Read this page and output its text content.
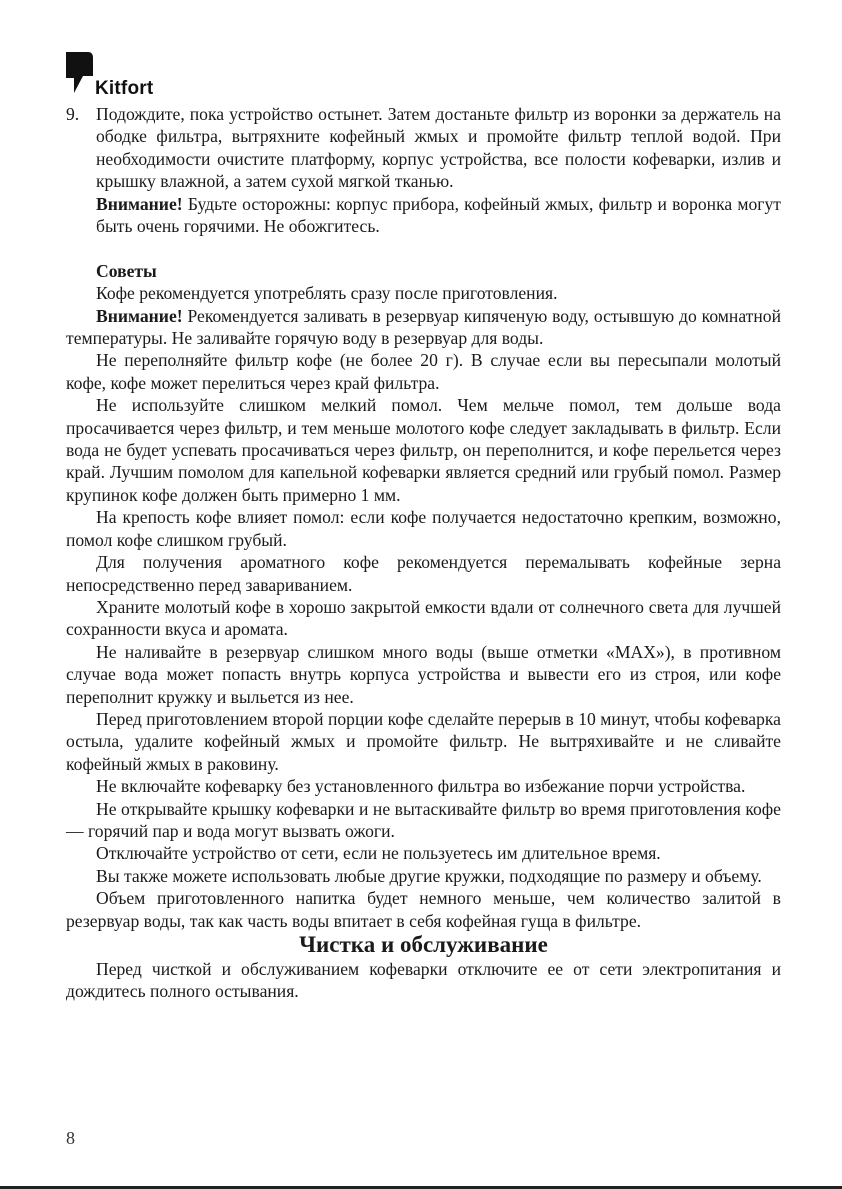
Kitfort
9. Подождите, пока устройство остынет. Затем достаньте фильтр из воронки за держатель на ободке фильтра, вытряхните кофейный жмых и промойте фильтр теплой водой. При необходимости очистите платформу, корпус устройства, все полости кофеварки, излив и крышку влажной, а затем сухой мягкой тканью.

Внимание! Будьте осторожны: корпус прибора, кофейный жмых, фильтр и воронка могут быть очень горячими. Не обожгитесь.

Советы

Кофе рекомендуется употреблять сразу после приготовления.

Внимание! Рекомендуется заливать в резервуар кипяченую воду, остывшую до комнатной температуры. Не заливайте горячую воду в резервуар для воды.

Не переполняйте фильтр кофе (не более 20 г). В случае если вы пересыпали молотый кофе, кофе может перелиться через край фильтра.

Не используйте слишком мелкий помол. Чем мельче помол, тем дольше вода просачивается через фильтр, и тем меньше молотого кофе следует закладывать в фильтр. Если вода не будет успевать просачиваться через фильтр, он переполнится, и кофе перельется через край. Лучшим помолом для капельной кофеварки является средний или грубый помол. Размер крупинок кофе должен быть примерно 1 мм.

На крепость кофе влияет помол: если кофе получается недостаточно крепким, возможно, помол кофе слишком грубый.

Для получения ароматного кофе рекомендуется перемалывать кофейные зерна непосредственно перед завариванием.

Храните молотый кофе в хорошо закрытой емкости вдали от солнечного света для лучшей сохранности вкуса и аромата.

Не наливайте в резервуар слишком много воды (выше отметки «MAX»), в противном случае вода может попасть внутрь корпуса устройства и вывести его из строя, или кофе переполнит кружку и выльется из нее.

Перед приготовлением второй порции кофе сделайте перерыв в 10 минут, чтобы кофеварка остыла, удалите кофейный жмых и промойте фильтр. Не вытряхивайте и не сливайте кофейный жмых в раковину.

Не включайте кофеварку без установленного фильтра во избежание порчи устройства.

Не открывайте крышку кофеварки и не вытаскивайте фильтр во время приготовления кофе — горячий пар и вода могут вызвать ожоги.

Отключайте устройство от сети, если не пользуетесь им длительное время.

Вы также можете использовать любые другие кружки, подходящие по размеру и объему.

Объем приготовленного напитка будет немного меньше, чем количество залитой в резервуар воды, так как часть воды впитает в себя кофейная гуща в фильтре.

Чистка и обслуживание

Перед чисткой и обслуживанием кофеварки отключите ее от сети электропитания и дождитесь полного остывания.

8
